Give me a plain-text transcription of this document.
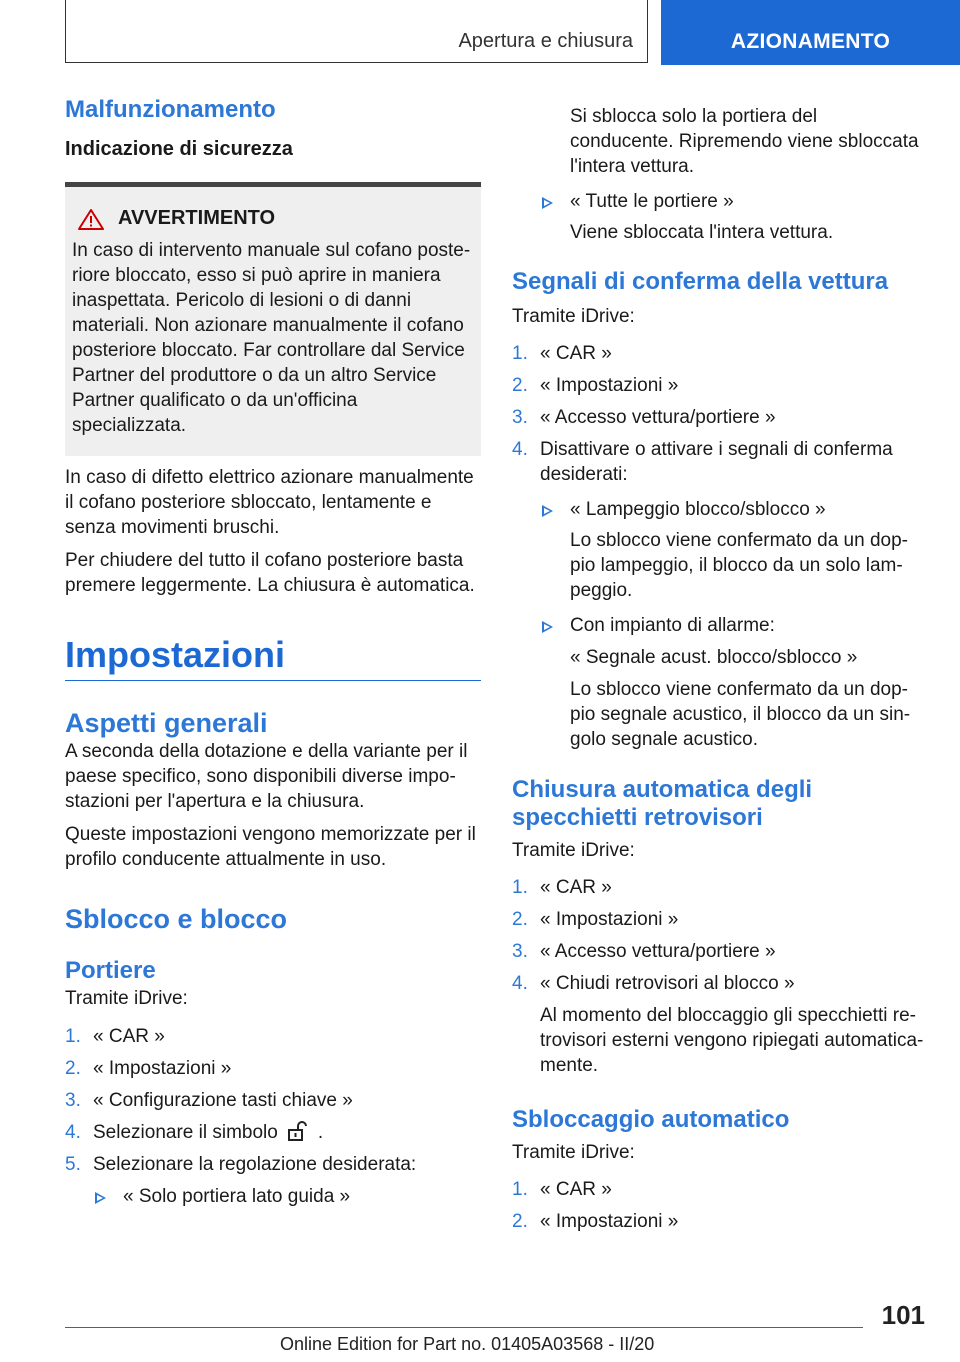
Apertura e chiusura	AZIONAMENTO

Malfunzionamento

Indicazione di sicurezza

AVVERTIMENTO

In caso di intervento manuale sul cofano posteriore bloccato, esso si può aprire in maniera inaspettata. Pericolo di lesioni o di danni materiali. Non azionare manualmente il cofano posteriore bloccato. Far controllare dal Service Partner del produttore o da un altro Service Partner qualificato o da un'officina specializzata.

In caso di difetto elettrico azionare manualmente il cofano posteriore sbloccato, lentamente e senza movimenti bruschi.

Per chiudere del tutto il cofano posteriore basta premere leggermente. La chiusura è automatica.

Impostazioni

Aspetti generali

A seconda della dotazione e della variante per il paese specifico, sono disponibili diverse impostazioni per l'apertura e la chiusura.

Queste impostazioni vengono memorizzate per il profilo conducente attualmente in uso.

Sblocco e blocco

Portiere

Tramite iDrive:

1. « CAR »
2. « Impostazioni »
3. « Configurazione tasti chiave »
4. Selezionare il simbolo .
5. Selezionare la regolazione desiderata:
« Solo portiera lato guida »

Si sblocca solo la portiera del conducente. Ripremendo viene sbloccata l'intera vettura.

« Tutte le portiere »

Viene sbloccata l'intera vettura.

Segnali di conferma della vettura

Tramite iDrive:

1. « CAR »
2. « Impostazioni »
3. « Accesso vettura/portiere »
4. Disattivare o attivare i segnali di conferma desiderati:
« Lampeggio blocco/sblocco »

Lo sblocco viene confermato da un doppio lampeggio, il blocco da un solo lampeggio.

Con impianto di allarme:

« Segnale acust. blocco/sblocco »

Lo sblocco viene confermato da un doppio segnale acustico, il blocco da un singolo segnale acustico.

Chiusura automatica degli specchietti retrovisori

Tramite iDrive:

1. « CAR »
2. « Impostazioni »
3. « Accesso vettura/portiere »
4. « Chiudi retrovisori al blocco »

Al momento del bloccaggio gli specchietti retrovisori esterni vengono ripiegati automaticamente.

Sbloccaggio automatico

Tramite iDrive:

1. « CAR »
2. « Impostazioni »
101
Online Edition for Part no. 01405A03568 - II/20
